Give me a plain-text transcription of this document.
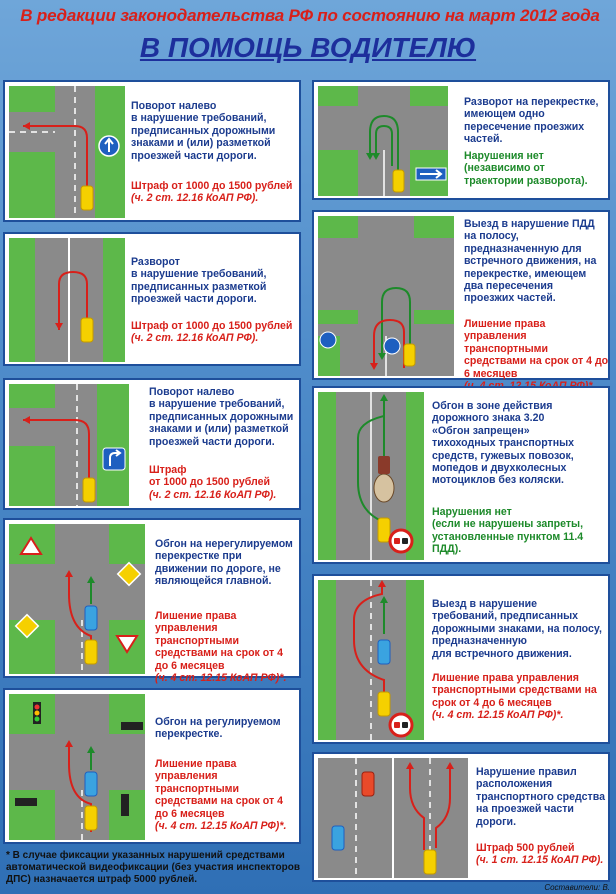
В редакции законодательства РФ по состоянию на март 2012 года
В ПОМОЩЬ ВОДИТЕЛЮ
Поворот налево
в нарушение требований, предписанных дорожными знаками и (или) разметкой проезжей части дороги.
Штраф от 1000 до 1500 рублей
(ч. 2 ст. 12.16 КоАП РФ).
Разворот
в нарушение требований, предписанных разметкой проезжей части дороги.
Штраф от 1000 до 1500 рублей
(ч. 2 ст. 12.16 КоАП РФ).
Поворот налево
в нарушение требований, предписанных дорожными знаками и (или) разметкой проезжей части дороги.
Штраф
от 1000 до 1500 рублей
(ч. 2 ст. 12.16 КоАП РФ).
Обгон на нерегулируемом перекрестке при движении по дороге, не являющейся главной.
Лишение права управления транспортными средствами на срок от 4 до 6 месяцев
(ч. 4 ст. 12.15 КоАП РФ)*.
Обгон на регулируемом перекрестке.
Лишение права управления транспортными средствами на срок от 4 до 6 месяцев
(ч. 4 ст. 12.15 КоАП РФ)*.
Разворот на перекрестке, имеющем одно пересечение проезжих частей.
Нарушения нет
(независимо от траектории разворота).
Выезд в нарушение ПДД на полосу, предназначенную для встречного движения, на перекрестке, имеющем два пересечения проезжих частей.
Лишение права управления транспортными средствами на срок от 4 до 6 месяцев
Обгон в зоне действия дорожного знака 3.20
«Обгон запрещен»
тихоходных транспортных средств, гужевых повозок, мопедов и двухколесных мотоциклов без коляски.
Нарушения нет
(если не нарушены запреты, установленные пунктом 11.4 ПДД).
Выезд в нарушение требований, предписанных дорожными знаками, на полосу, предназначенную
для встречного движения.
Лишение права управления транспортными средствами на срок от 4 до 6 месяцев
(ч. 4 ст. 12.15 КоАП РФ)*.
Нарушение правил расположения транспортного средства на проезжей части дороги.
Штраф 500 рублей
(ч. 1 ст. 12.15 КоАП РФ).
* В случае фиксации указанных нарушений средствами автоматической видеофиксации (без участия инспекторов ДПС) назначается штраф 5000 рублей.
Составители: В.
